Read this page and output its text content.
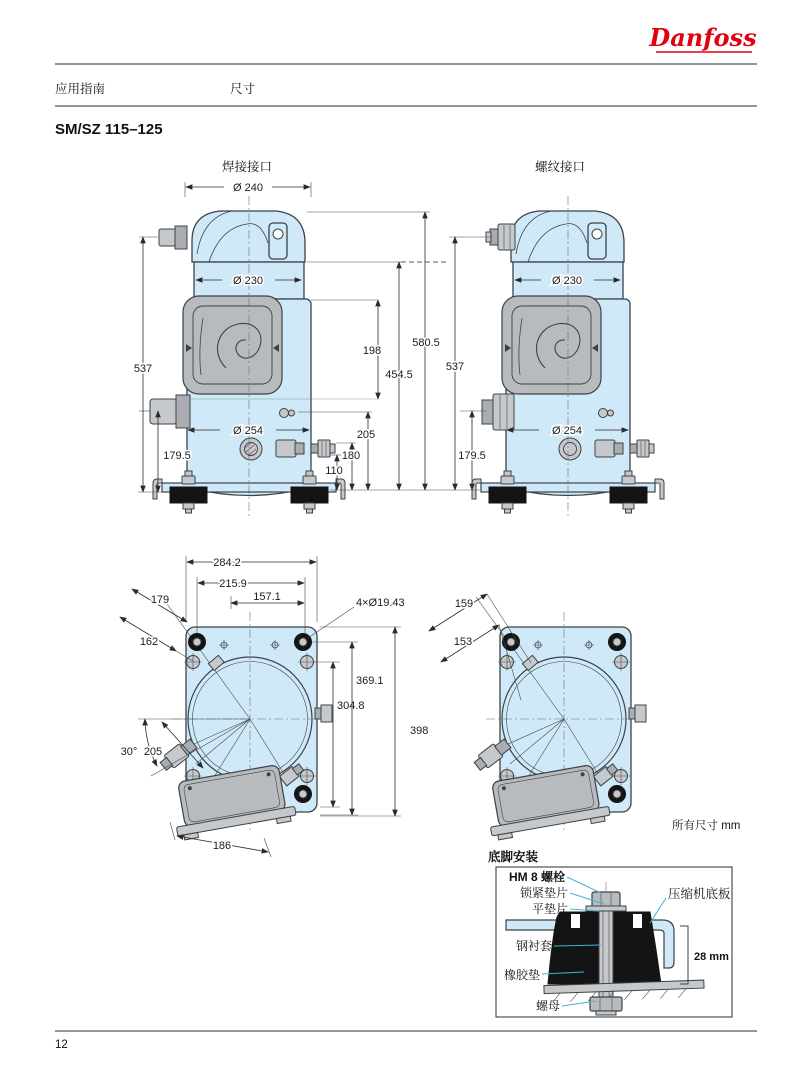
Danfoss
应用指南	尺寸
SM/SZ 115–125
焊接接口
Ø 240
Ø 230
Ø 254
537
179.5
螺纹接口
Ø 230
Ø 254
110
180
205
198
454.5
580.5
537
179.5
284.2
215.9
157.1
179
162
4×Ø19.43
304.8
369.1
398
30° 205
186
159
153
所有尺寸 mm
底脚安装
28 mm
HM 8 螺栓
锁紧垫片
平垫片
压缩机底板
钢衬套
橡胶垫
螺母
12
